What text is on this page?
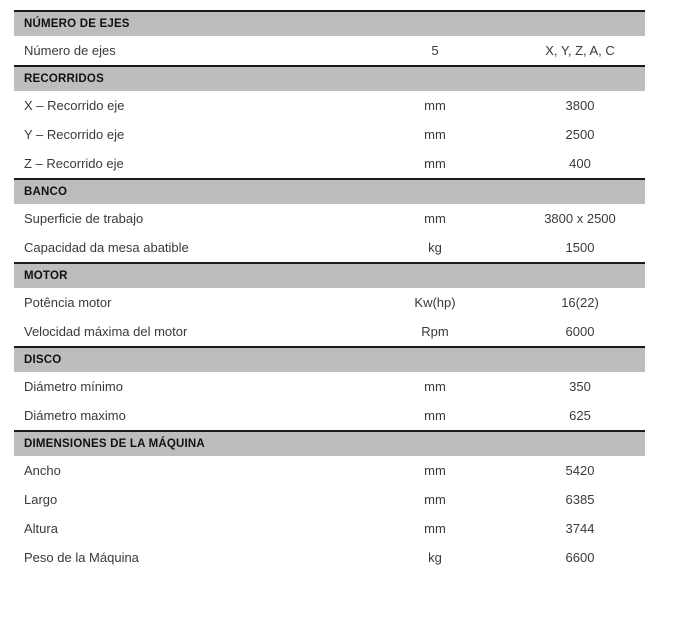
NÚMERO DE EJES
Número de ejes	5	X, Y, Z, A, C
RECORRIDOS
X – Recorrido eje	mm	3800
Y – Recorrido eje	mm	2500
Z – Recorrido eje	mm	400
BANCO
Superficie de trabajo	mm	3800 x 2500
Capacidad da mesa abatible	kg	1500
MOTOR
Potência motor	Kw(hp)	16(22)
Velocidad máxima del motor	Rpm	6000
DISCO
Diámetro mínimo	mm	350
Diámetro maximo	mm	625
DIMENSIONES DE LA MÁQUINA
Ancho	mm	5420
Largo	mm	6385
Altura	mm	3744
Peso de la Máquina	kg	6600
